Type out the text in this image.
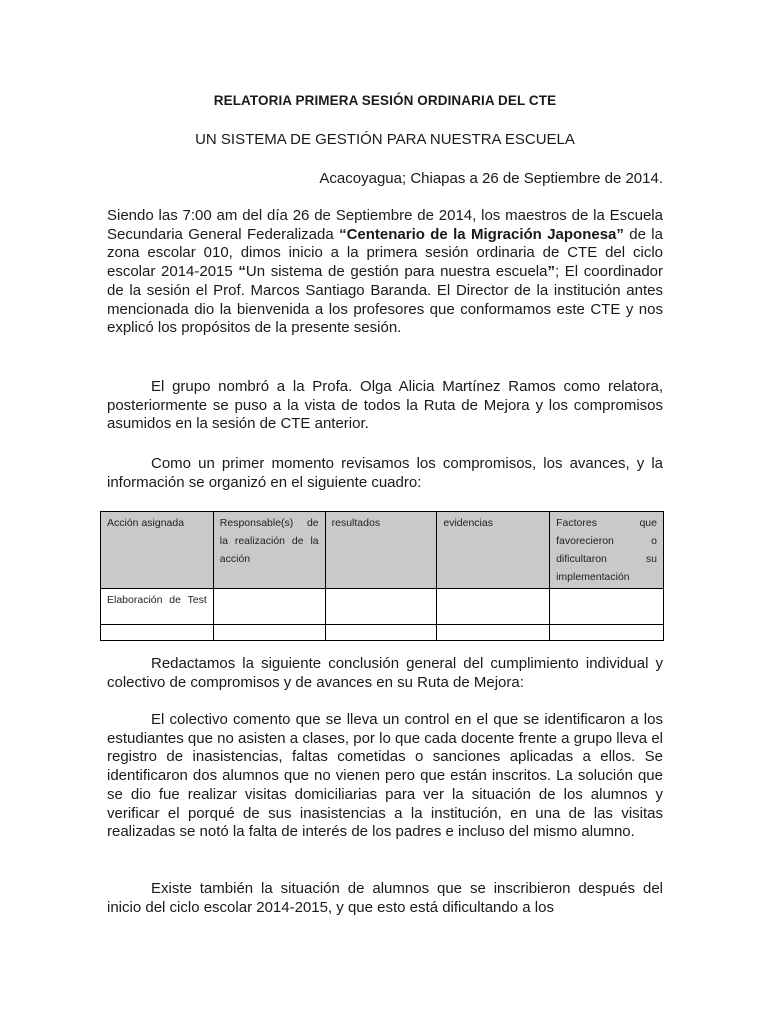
RELATORIA PRIMERA SESIÓN ORDINARIA DEL CTE
UN SISTEMA DE GESTIÓN PARA NUESTRA ESCUELA
Acacoyagua; Chiapas a 26 de Septiembre de 2014.

Siendo las 7:00 am del día 26 de Septiembre de 2014, los maestros de la Escuela Secundaria General Federalizada “Centenario de la Migración Japonesa” de la zona escolar 010, dimos inicio a la primera sesión ordinaria de CTE del ciclo escolar 2014-2015 “Un sistema de gestión para nuestra escuela”; El coordinador de la sesión el Prof. Marcos Santiago Baranda. El Director de la institución antes mencionada dio la bienvenida a los profesores que conformamos este CTE y nos explicó los propósitos de la presente sesión.

El grupo nombró a la Profa. Olga Alicia Martínez Ramos como relatora, posteriormente se puso a la vista de todos la Ruta de Mejora y los compromisos asumidos en la sesión de CTE anterior.

Como un primer momento revisamos los compromisos, los avances, y la información se organizó en el siguiente cuadro:

Redactamos la siguiente conclusión general del cumplimiento individual y colectivo de compromisos y de avances en su Ruta de Mejora:

El colectivo comento que se lleva un control en el que se identificaron a los estudiantes que no asisten a clases, por lo que cada docente frente a grupo lleva el registro de inasistencias, faltas cometidas o sanciones aplicadas a ellos. Se identificaron dos alumnos que no vienen pero que están inscritos. La solución que se dio fue realizar visitas domiciliarias para ver la situación de los alumnos y verificar el porqué de sus inasistencias a la institución, en una de las visitas realizadas se notó la falta de interés de los padres e incluso del mismo alumno.

Existe también la situación de alumnos que se inscribieron después del inicio del ciclo escolar 2014-2015, y que esto está dificultando a los

Acción asignada	Responsable(s) de la realización de la acción	resultados	evidencias	Factores que favorecieron o dificultaron su implementación
Elaboración de Test				
